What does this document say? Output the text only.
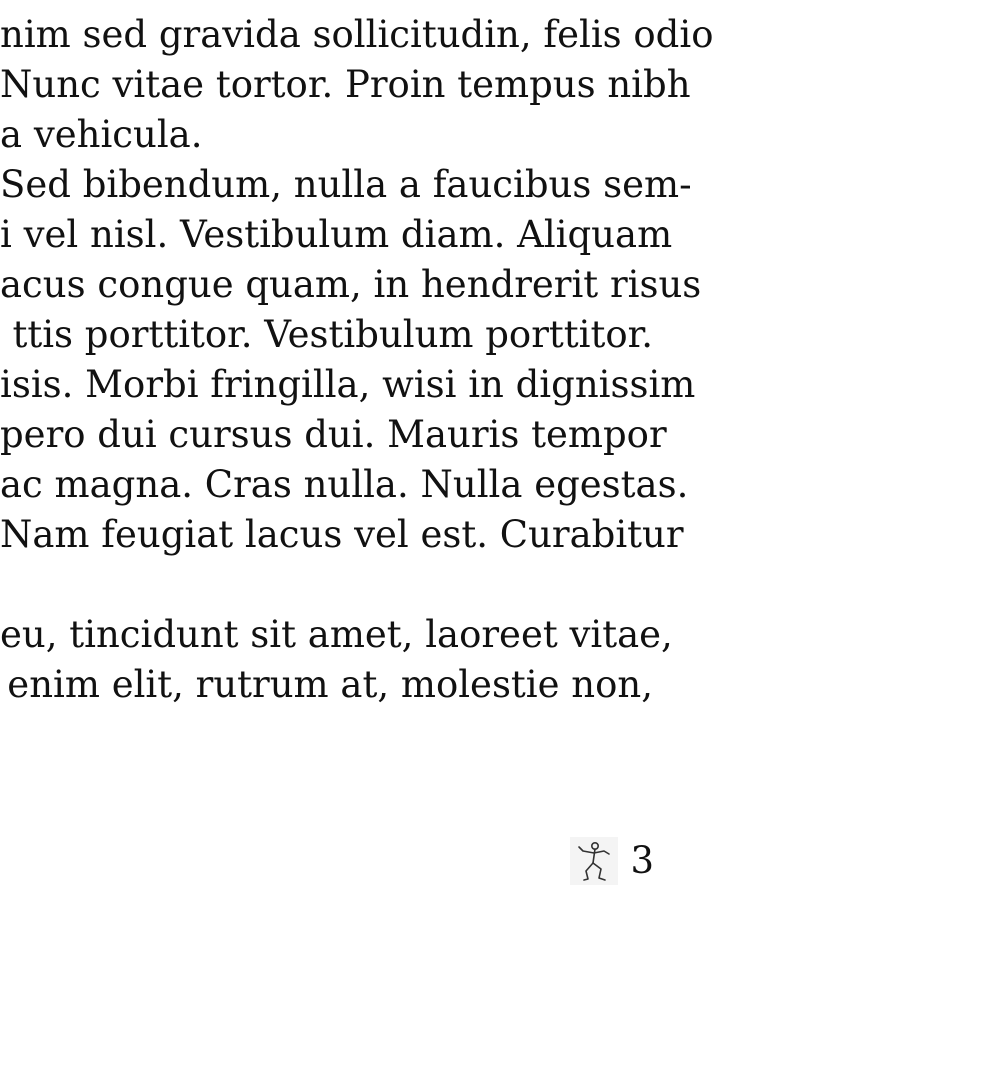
nim sed gravida sollicitudin, felis odio
Nunc vitae tortor. Proin tempus nibh
a vehicula.
Sed bibendum, nulla a faucibus sem-
i vel nisl. Vestibulum diam. Aliquam
acus congue quam, in hendrerit risus
ttis porttitor. Vestibulum porttitor.
isis. Morbi fringilla, wisi in dignissim
pero dui cursus dui. Mauris tempor
ac magna. Cras nulla. Nulla egestas.
Nam feugiat lacus vel est. Curabitur
eu, tincidunt sit amet, laoreet vitae,
enim elit, rutrum at, molestie non,
3
